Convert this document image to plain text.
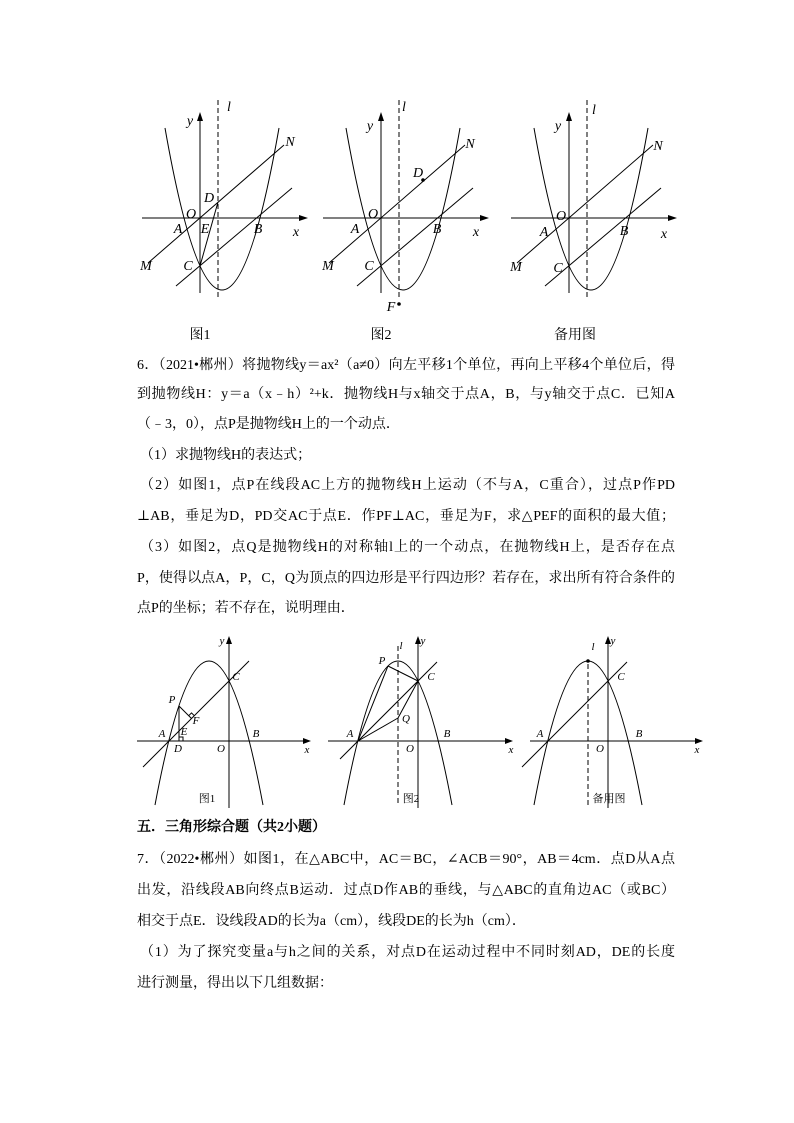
y
l
N
D
O
A E	B x
M C
图1
y
l
N
D
O
A	B x
M C
F
图2
y
l
N
O
A	B x
M C
备用图
6．（2021•郴州）将抛物线y＝ax²（a≠0）向左平移1个单位，再向上平移4个单位后，得
到抛物线H：y＝a（x﹣h）²+k．抛物线H与x轴交于点A，B，与y轴交于点C．已知A
（﹣3，0），点P是抛物线H上的一个动点．
（1）求抛物线H的表达式；
（2）如图1，点P在线段AC上方的抛物线H上运动（不与A，C重合），过点P作PD
⊥AB，垂足为D，PD交AC于点E．作PF⊥AC，垂足为F，求△PEF的面积的最大值；
（3）如图2，点Q是抛物线H的对称轴l上的一个动点，在抛物线H上，是否存在点
P，使得以点A，P，C，Q为顶点的四边形是平行四边形？若存在，求出所有符合条件的
点P的坐标；若不存在，说明理由．
y
C
P
F
E
A
D	O
B
x
图1
l y
P
C
Q
A
O
B
x
图2
l y
C
A
O
B
x
备用图
五．三角形综合题（共2小题）
7．（2022•郴州）如图1，在△ABC中，AC＝BC，∠ACB＝90°，AB＝4cm．点D从A点
出发，沿线段AB向终点B运动．过点D作AB的垂线，与△ABC的直角边AC（或BC）
相交于点E．设线段AD的长为a（cm），线段DE的长为h（cm）．
（1）为了探究变量a与h之间的关系，对点D在运动过程中不同时刻AD，DE的长度
进行测量，得出以下几组数据：
